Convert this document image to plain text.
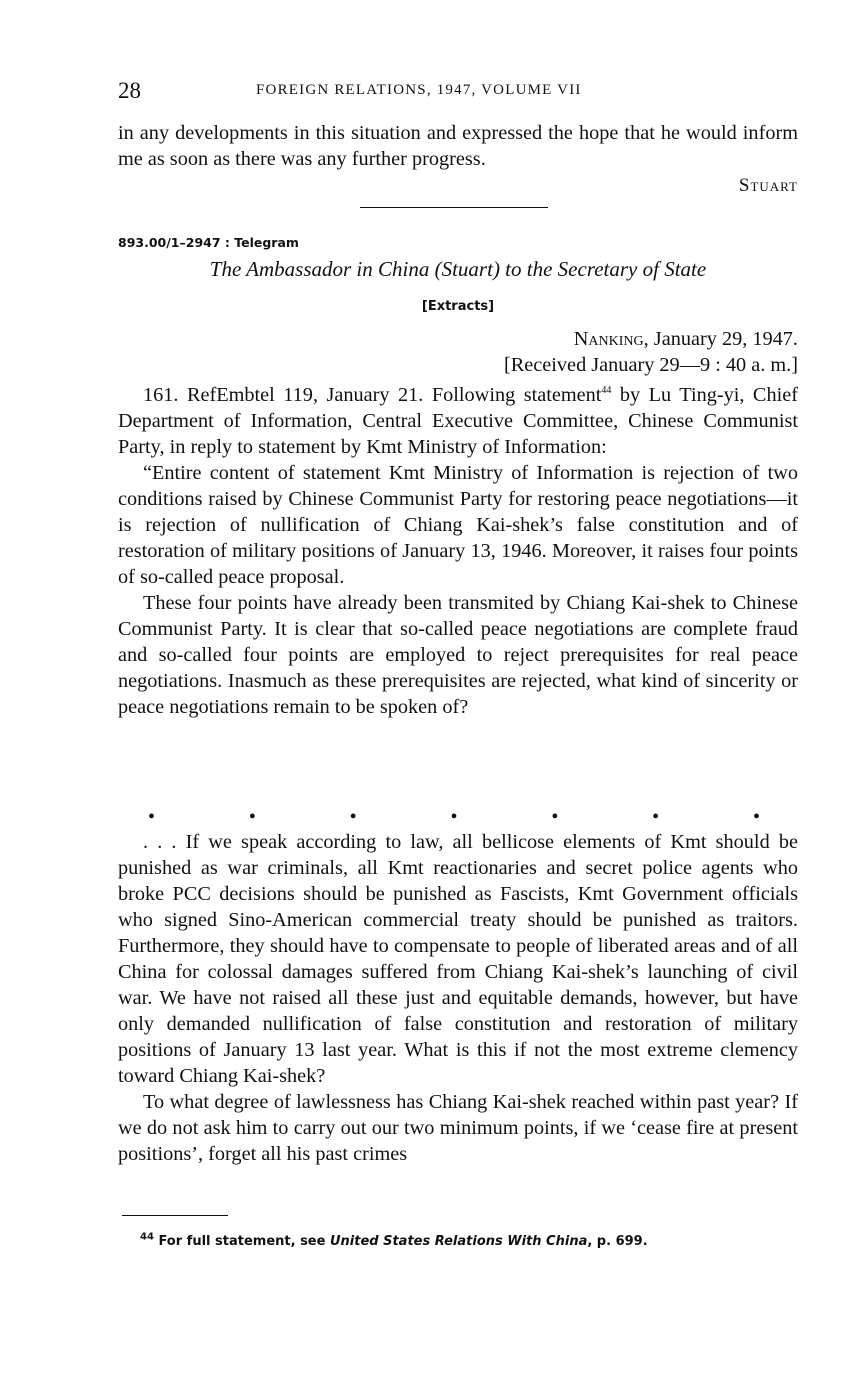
28	FOREIGN RELATIONS, 1947, VOLUME VII

in any developments in this situation and expressed the hope that he would inform me as soon as there was any further progress.

Stuart
893.00/1–2947 : Telegram
The Ambassador in China (Stuart) to the Secretary of State
[Extracts]
Nanking, January 29, 1947.
[Received January 29—9 : 40 a. m.]

161. RefEmbtel 119, January 21. Following statement$^{44}$ by Lu Ting-yi, Chief Department of Information, Central Executive Committee, Chinese Communist Party, in reply to statement by Kmt Ministry of Information:

“Entire content of statement Kmt Ministry of Information is rejection of two conditions raised by Chinese Communist Party for restoring peace negotiations—it is rejection of nullification of Chiang Kai-shek’s false constitution and of restoration of military positions of January 13, 1946. Moreover, it raises four points of so-called peace proposal.

These four points have already been transmited by Chiang Kai-shek to Chinese Communist Party. It is clear that so-called peace negotiations are complete fraud and so-called four points are employed to reject prerequisites for real peace negotiations. Inasmuch as these prerequisites are rejected, what kind of sincerity or peace negotiations remain to be spoken of?

•	•	•	•	•	•	•

. . . If we speak according to law, all bellicose elements of Kmt should be punished as war criminals, all Kmt reactionaries and secret police agents who broke PCC decisions should be punished as Fascists, Kmt Government officials who signed Sino-American commercial treaty should be punished as traitors. Furthermore, they should have to compensate to people of liberated areas and of all China for colossal damages suffered from Chiang Kai-shek’s launching of civil war. We have not raised all these just and equitable demands, however, but have only demanded nullification of false constitution and restoration of military positions of January 13 last year. What is this if not the most extreme clemency toward Chiang Kai-shek?

To what degree of lawlessness has Chiang Kai-shek reached within past year? If we do not ask him to carry out our two minimum points, if we ‘cease fire at present positions’, forget all his past crimes

$^{44}$ For full statement, see United States Relations With China, p. 699.
